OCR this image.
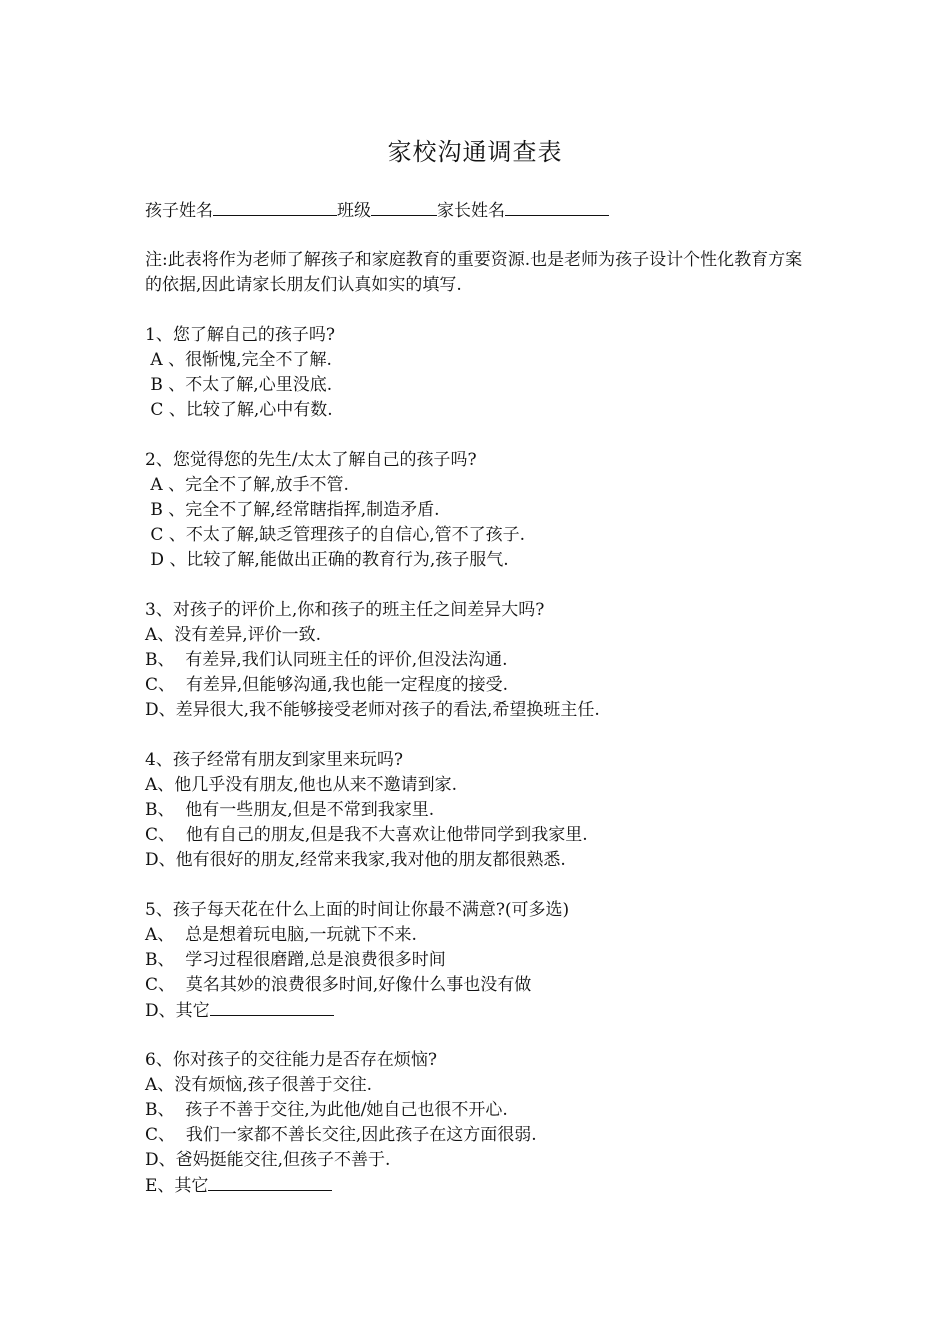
家校沟通调查表
孩子姓名	班级	家长姓名
注:此表将作为老师了解孩子和家庭教育的重要资源.也是老师为孩子设计个性化教育方案的依据,因此请家长朋友们认真如实的填写.
1、您了解自己的孩子吗?
A 、很惭愧,完全不了解.
B 、不太了解,心里没底.
C 、比较了解,心中有数.
2、您觉得您的先生/太太了解自己的孩子吗?
A 、完全不了解,放手不管.
B 、完全不了解,经常瞎指挥,制造矛盾.
C 、不太了解,缺乏管理孩子的自信心,管不了孩子.
D 、比较了解,能做出正确的教育行为,孩子服气.
3、对孩子的评价上,你和孩子的班主任之间差异大吗?
A、没有差异,评价一致.
B、  有差异,我们认同班主任的评价,但没法沟通.
C、  有差异,但能够沟通,我也能一定程度的接受.
D、差异很大,我不能够接受老师对孩子的看法,希望换班主任.
4、孩子经常有朋友到家里来玩吗?
A、他几乎没有朋友,他也从来不邀请到家.
B、  他有一些朋友,但是不常到我家里.
C、  他有自己的朋友,但是我不大喜欢让他带同学到我家里.
D、他有很好的朋友,经常来我家,我对他的朋友都很熟悉.
5、孩子每天花在什么上面的时间让你最不满意?(可多选)
A、  总是想着玩电脑,一玩就下不来.
B、  学习过程很磨蹭,总是浪费很多时间
C、  莫名其妙的浪费很多时间,好像什么事也没有做
D、其它
6、你对孩子的交往能力是否存在烦恼?
A、没有烦恼,孩子很善于交往.
B、  孩子不善于交往,为此他/她自己也很不开心.
C、  我们一家都不善长交往,因此孩子在这方面很弱.
D、爸妈挺能交往,但孩子不善于.
E、其它
